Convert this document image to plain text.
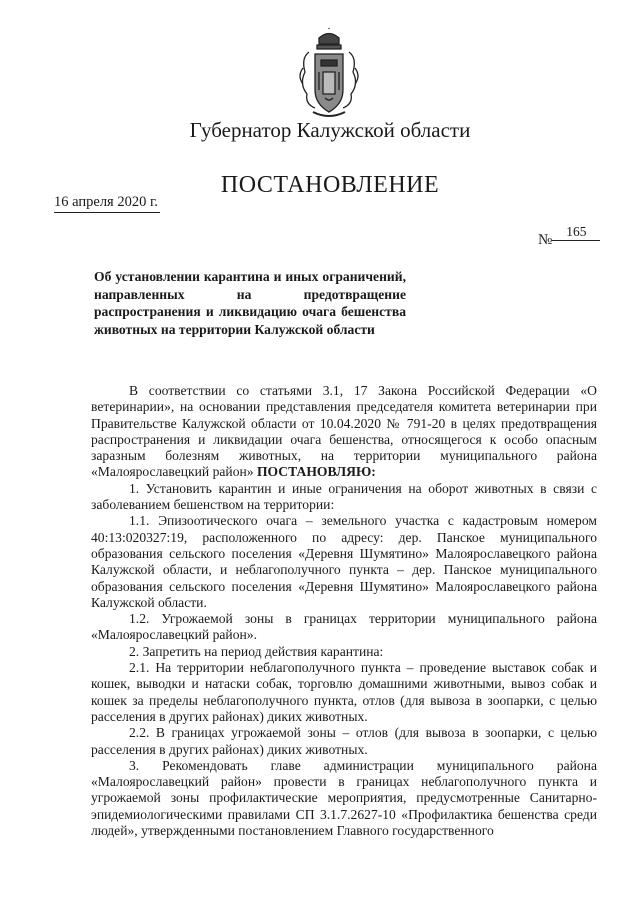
Губернатор Калужской области
ПОСТАНОВЛЕНИЕ
16 апреля 2020 г.
№165
Об установлении карантина и иных ограничений, направленных на предотвращение распространения и ликвидацию очага бешенства животных на территории Калужской области

В соответствии со статьями 3.1, 17 Закона Российской Федерации «О ветеринарии», на основании представления председателя комитета ветеринарии при Правительстве Калужской области от 10.04.2020 № 791-20 в целях предотвращения распространения и ликвидации очага бешенства, относящегося к особо опасным заразным болезням животных, на территории муниципального района «Малоярославецкий район» ПОСТАНОВЛЯЮ:

1. Установить карантин и иные ограничения на оборот животных в связи с заболеванием бешенством на территории:

1.1. Эпизоотического очага – земельного участка с кадастровым номером 40:13:020327:19, расположенного по адресу: дер. Панское муниципального образования сельского поселения «Деревня Шумятино» Малоярославецкого района Калужской области, и неблагополучного пункта – дер. Панское муниципального образования сельского поселения «Деревня Шумятино» Малоярославецкого района Калужской области.

1.2. Угрожаемой зоны в границах территории муниципального района «Малоярославецкий район».

2. Запретить на период действия карантина:

2.1. На территории неблагополучного пункта – проведение выставок собак и кошек, выводки и натаски собак, торговлю домашними животными, вывоз собак и кошек за пределы неблагополучного пункта, отлов (для вывоза в зоопарки, с целью расселения в других районах) диких животных.

2.2. В границах угрожаемой зоны – отлов (для вывоза в зоопарки, с целью расселения в других районах) диких животных.

3. Рекомендовать главе администрации муниципального района «Малоярославецкий район» провести в границах неблагополучного пункта и угрожаемой зоны профилактические мероприятия, предусмотренные Санитарно-эпидемиологическими правилами СП 3.1.7.2627-10 «Профилактика бешенства среди людей», утвержденными постановлением Главного государственного
